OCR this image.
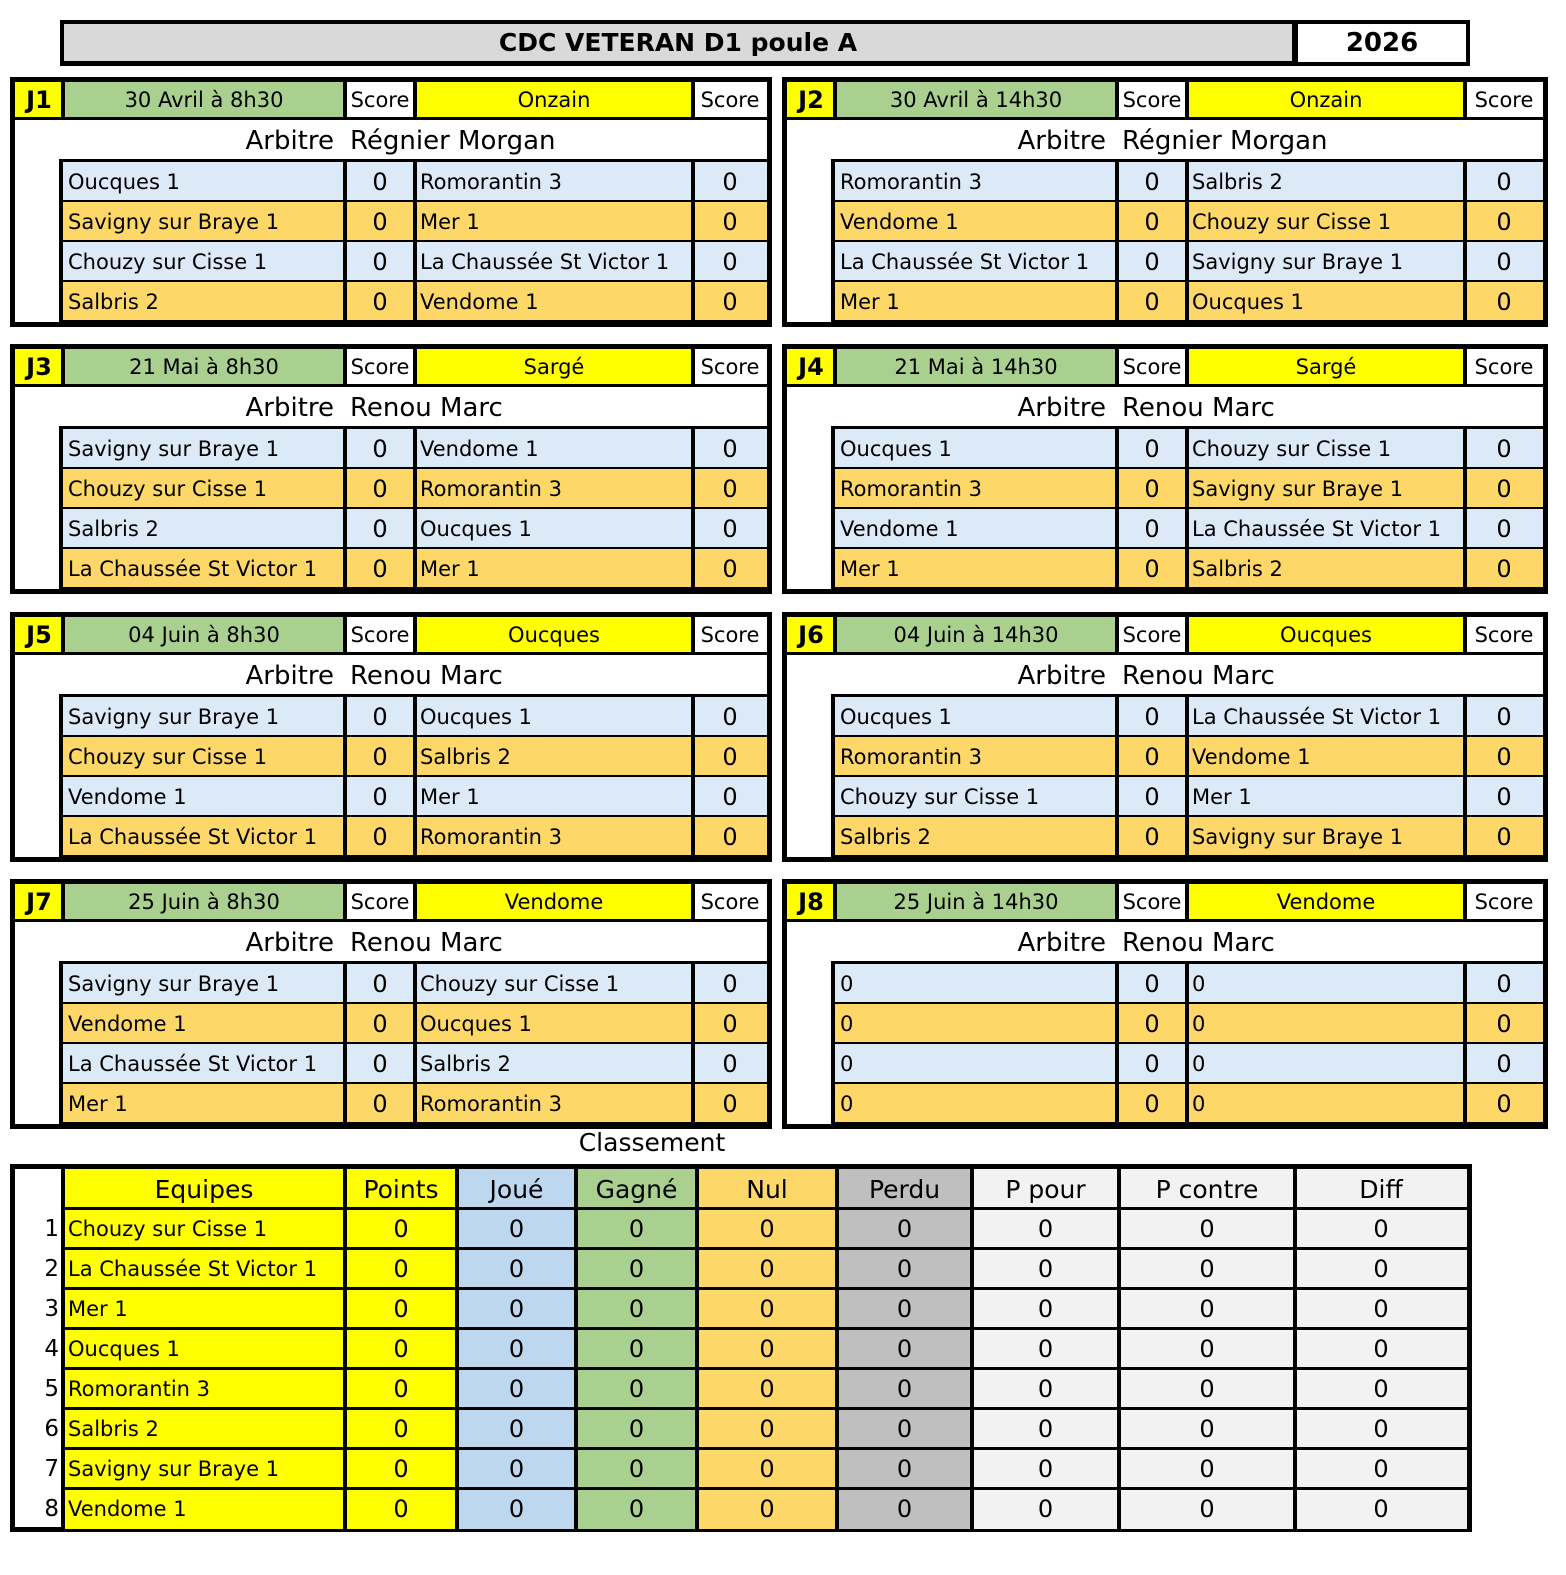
CDC VETERAN D1 poule A	2026
J1	30 Avril à 8h30	Score	Onzain	Score
Arbitre Régnier Morgan
Oucques 1	0	Romorantin 3	0
Savigny sur Braye 1	0	Mer 1	0
Chouzy sur Cisse 1	0	La Chaussée St Victor 1	0
Salbris 2	0	Vendome 1	0
J2	30 Avril à 14h30	Score	Onzain	Score
Arbitre Régnier Morgan
Romorantin 3	0	Salbris 2	0
Vendome 1	0	Chouzy sur Cisse 1	0
La Chaussée St Victor 1	0	Savigny sur Braye 1	0
Mer 1	0	Oucques 1	0
J3	21 Mai à 8h30	Score	Sargé	Score
Arbitre Renou Marc
Savigny sur Braye 1	0	Vendome 1	0
Chouzy sur Cisse 1	0	Romorantin 3	0
Salbris 2	0	Oucques 1	0
La Chaussée St Victor 1	0	Mer 1	0
J4	21 Mai à 14h30	Score	Sargé	Score
Arbitre Renou Marc
Oucques 1	0	Chouzy sur Cisse 1	0
Romorantin 3	0	Savigny sur Braye 1	0
Vendome 1	0	La Chaussée St Victor 1	0
Mer 1	0	Salbris 2	0
J5	04 Juin à 8h30	Score	Oucques	Score
Arbitre Renou Marc
Savigny sur Braye 1	0	Oucques 1	0
Chouzy sur Cisse 1	0	Salbris 2	0
Vendome 1	0	Mer 1	0
La Chaussée St Victor 1	0	Romorantin 3	0
J6	04 Juin à 14h30	Score	Oucques	Score
Arbitre Renou Marc
Oucques 1	0	La Chaussée St Victor 1	0
Romorantin 3	0	Vendome 1	0
Chouzy sur Cisse 1	0	Mer 1	0
Salbris 2	0	Savigny sur Braye 1	0
J7	25 Juin à 8h30	Score	Vendome	Score
Arbitre Renou Marc
Savigny sur Braye 1	0	Chouzy sur Cisse 1	0
Vendome 1	0	Oucques 1	0
La Chaussée St Victor 1	0	Salbris 2	0
Mer 1	0	Romorantin 3	0
J8	25 Juin à 14h30	Score	Vendome	Score
Arbitre Renou Marc
0	0	0	0
0	0	0	0
0	0	0	0
0	0	0	0
Classement
Equipes	Points	Joué	Gagné	Nul	Perdu	P pour	P contre	Diff
1 Chouzy sur Cisse 1	0	0	0	0	0	0	0	0
2 La Chaussée St Victor 1	0	0	0	0	0	0	0	0
3 Mer 1	0	0	0	0	0	0	0	0
4 Oucques 1	0	0	0	0	0	0	0	0
5 Romorantin 3	0	0	0	0	0	0	0	0
6 Salbris 2	0	0	0	0	0	0	0	0
7 Savigny sur Braye 1	0	0	0	0	0	0	0	0
8 Vendome 1	0	0	0	0	0	0	0	0
